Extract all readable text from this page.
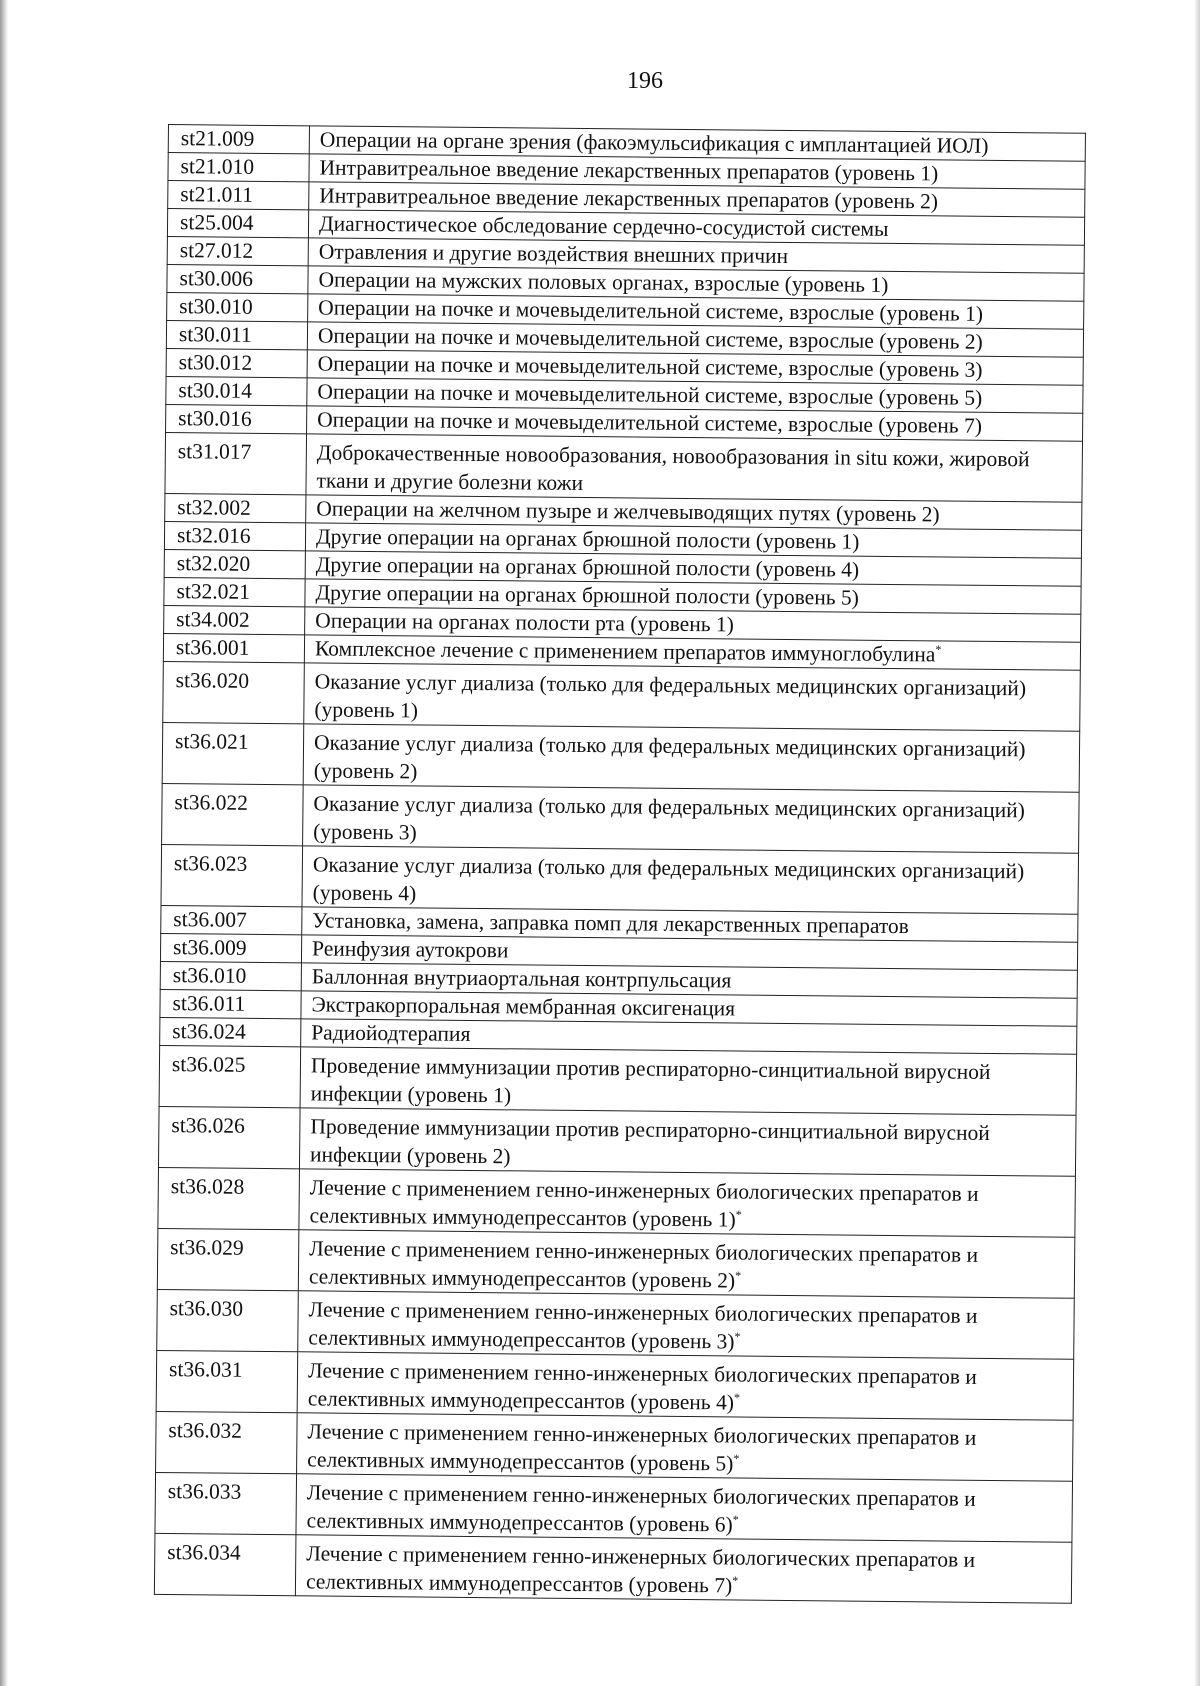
196
st21.009	Операции на органе зрения (факоэмульсификация с имплантацией ИОЛ)
st21.010	Интравитреальное введение лекарственных препаратов (уровень 1)
st21.011	Интравитреальное введение лекарственных препаратов (уровень 2)
st25.004	Диагностическое обследование сердечно-сосудистой системы
st27.012	Отравления и другие воздействия внешних причин
st30.006	Операции на мужских половых органах, взрослые (уровень 1)
st30.010	Операции на почке и мочевыделительной системе, взрослые (уровень 1)
st30.011	Операции на почке и мочевыделительной системе, взрослые (уровень 2)
st30.012	Операции на почке и мочевыделительной системе, взрослые (уровень 3)
st30.014	Операции на почке и мочевыделительной системе, взрослые (уровень 5)
st30.016	Операции на почке и мочевыделительной системе, взрослые (уровень 7)
st31.017	Доброкачественные новообразования, новообразования in situ кожи, жировой ткани и другие болезни кожи
st32.002	Операции на желчном пузыре и желчевыводящих путях (уровень 2)
st32.016	Другие операции на органах брюшной полости (уровень 1)
st32.020	Другие операции на органах брюшной полости (уровень 4)
st32.021	Другие операции на органах брюшной полости (уровень 5)
st34.002	Операции на органах полости рта (уровень 1)
st36.001	Комплексное лечение с применением препаратов иммуноглобулина*
st36.020	Оказание услуг диализа (только для федеральных медицинских организаций) (уровень 1)
st36.021	Оказание услуг диализа (только для федеральных медицинских организаций) (уровень 2)
st36.022	Оказание услуг диализа (только для федеральных медицинских организаций) (уровень 3)
st36.023	Оказание услуг диализа (только для федеральных медицинских организаций) (уровень 4)
st36.007	Установка, замена, заправка помп для лекарственных препаратов
st36.009	Реинфузия аутокрови
st36.010	Баллонная внутриаортальная контрпульсация
st36.011	Экстракорпоральная мембранная оксигенация
st36.024	Радиойодтерапия
st36.025	Проведение иммунизации против респираторно-синцитиальной вирусной инфекции (уровень 1)
st36.026	Проведение иммунизации против респираторно-синцитиальной вирусной инфекции (уровень 2)
st36.028	Лечение с применением генно-инженерных биологических препаратов и селективных иммунодепрессантов (уровень 1)*
st36.029	Лечение с применением генно-инженерных биологических препаратов и селективных иммунодепрессантов (уровень 2)*
st36.030	Лечение с применением генно-инженерных биологических препаратов и селективных иммунодепрессантов (уровень 3)*
st36.031	Лечение с применением генно-инженерных биологических препаратов и селективных иммунодепрессантов (уровень 4)*
st36.032	Лечение с применением генно-инженерных биологических препаратов и селективных иммунодепрессантов (уровень 5)*
st36.033	Лечение с применением генно-инженерных биологических препаратов и селективных иммунодепрессантов (уровень 6)*
st36.034	Лечение с применением генно-инженерных биологических препаратов и селективных иммунодепрессантов (уровень 7)*
